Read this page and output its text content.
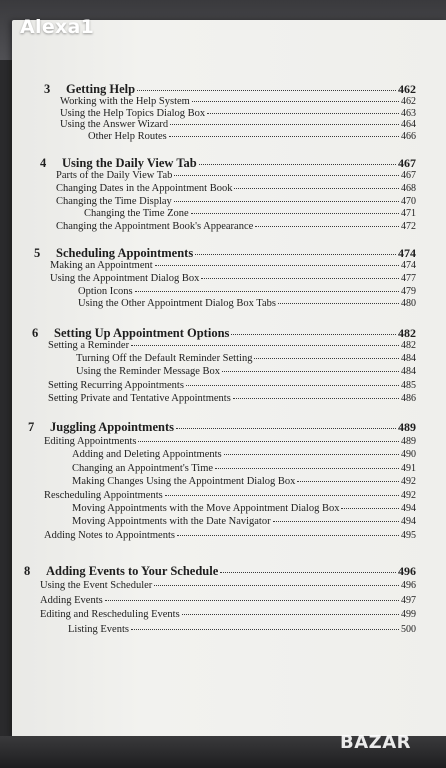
3	Getting Help	462
Working with the Help System	462
Using the Help Topics Dialog Box	463
Using the Answer Wizard	464
Other Help Routes	466
4	Using the Daily View Tab	467
Parts of the Daily View Tab	467
Changing Dates in the Appointment Book	468
Changing the Time Display	470
Changing the Time Zone	471
Changing the Appointment Book's Appearance	472
5	Scheduling Appointments	474
Making an Appointment	474
Using the Appointment Dialog Box	477
Option Icons	479
Using the Other Appointment Dialog Box Tabs	480
6	Setting Up Appointment Options	482
Setting a Reminder	482
Turning Off the Default Reminder Setting	484
Using the Reminder Message Box	484
Setting Recurring Appointments	485
Setting Private and Tentative Appointments	486
7	Juggling Appointments	489
Editing Appointments	489
Adding and Deleting Appointments	490
Changing an Appointment's Time	491
Making Changes Using the Appointment Dialog Box	492
Rescheduling Appointments	492
Moving Appointments with the Move Appointment Dialog Box	494
Moving Appointments with the Date Navigator	494
Adding Notes to Appointments	495
8	Adding Events to Your Schedule	496
Using the Event Scheduler	496
Adding Events	497
Editing and Rescheduling Events	499
Listing Events	500
Alexa1
BAZAR
